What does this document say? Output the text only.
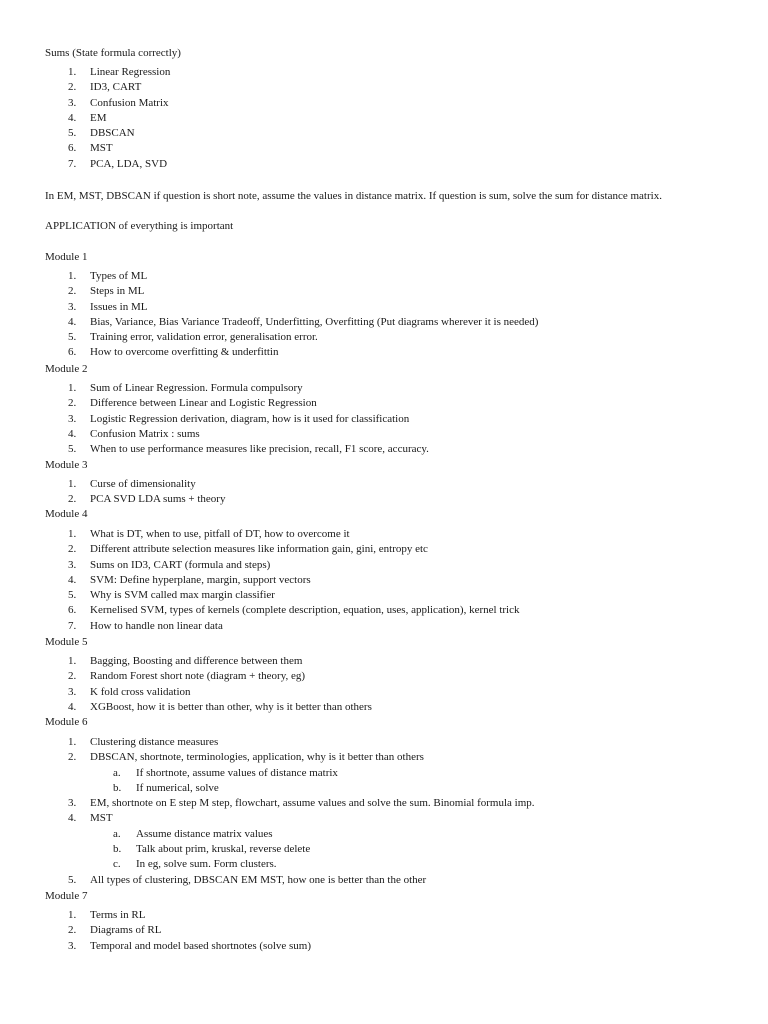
Sums (State formula correctly)
1. Linear Regression
2. ID3, CART
3. Confusion Matrix
4. EM
5. DBSCAN
6. MST
7. PCA, LDA, SVD
In EM, MST, DBSCAN if question is short note, assume the values in distance matrix. If question is sum, solve the sum for distance matrix.
APPLICATION of everything is important
Module 1
1. Types of ML
2. Steps in ML
3. Issues in ML
4. Bias, Variance, Bias Variance Tradeoff, Underfitting, Overfitting (Put diagrams wherever it is needed)
5. Training error, validation error, generalisation error.
6. How to overcome overfitting & underfittin
Module 2
1. Sum of Linear Regression. Formula compulsory
2. Difference between Linear and Logistic Regression
3. Logistic Regression derivation, diagram, how is it used for classification
4. Confusion Matrix : sums
5. When to use performance measures like precision, recall, F1 score, accuracy.
Module 3
1. Curse of dimensionality
2. PCA SVD LDA sums + theory
Module 4
1. What is DT, when to use, pitfall of DT, how to overcome it
2. Different attribute selection measures like information gain, gini, entropy etc
3. Sums on ID3, CART (formula and steps)
4. SVM: Define hyperplane, margin, support vectors
5. Why is SVM called max margin classifier
6. Kernelised SVM, types of kernels (complete description, equation, uses, application), kernel trick
7. How to handle non linear data
Module 5
1. Bagging, Boosting and difference between them
2. Random Forest short note (diagram + theory, eg)
3. K fold cross validation
4. XGBoost, how it is better than other, why is it better than others
Module 6
1. Clustering distance measures
2. DBSCAN, shortnote, terminologies, application, why is it better than others
a. If shortnote, assume values of distance matrix
b. If numerical, solve
3. EM, shortnote on E step M step, flowchart, assume values and solve the sum. Binomial formula imp.
4. MST
a. Assume distance matrix values
b. Talk about prim, kruskal, reverse delete
c. In eg, solve sum. Form clusters.
5. All types of clustering, DBSCAN EM MST, how one is better than the other
Module 7
1. Terms in RL
2. Diagrams of RL
3. Temporal and model based shortnotes (solve sum)
